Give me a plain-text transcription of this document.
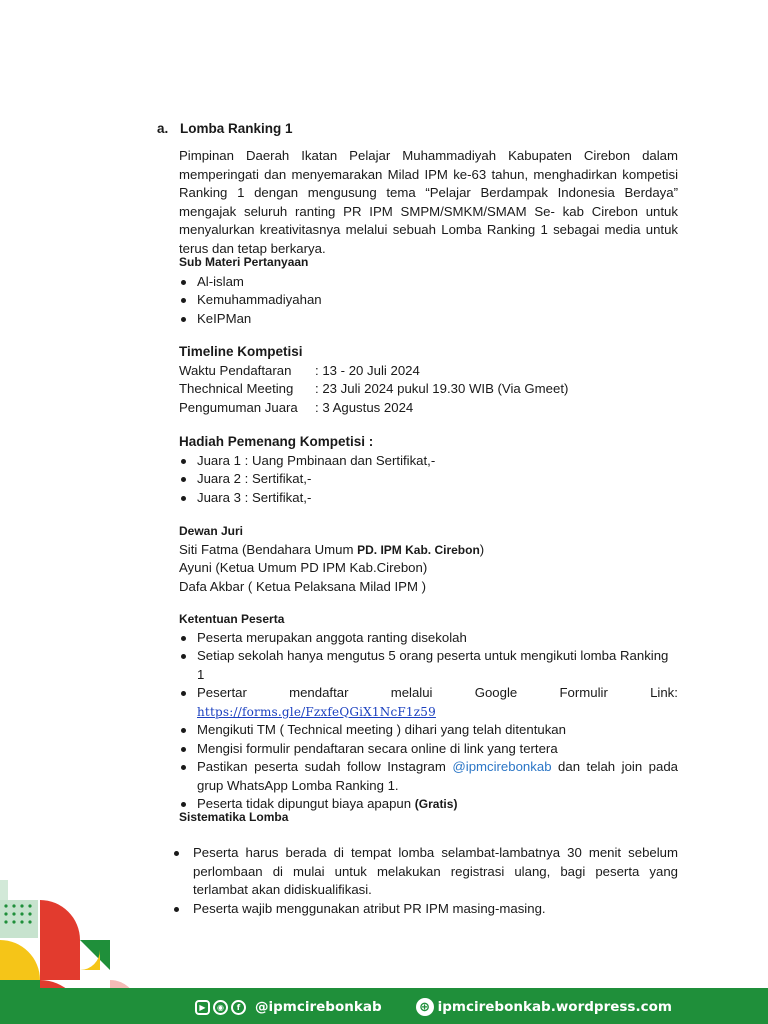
a. Lomba Ranking 1
Pimpinan Daerah Ikatan Pelajar Muhammadiyah Kabupaten Cirebon dalam memperingati dan menyemarakan Milad IPM ke-63 tahun, menghadirkan kompetisi Ranking 1 dengan mengusung tema “Pelajar Berdampak Indonesia Berdaya” mengajak seluruh ranting PR IPM SMPM/SMKM/SMAM Se- kab Cirebon untuk menyalurkan kreativitasnya melalui sebuah Lomba Ranking 1 sebagai media untuk terus dan tetap berkarya.
Sub Materi Pertanyaan
Al-islam
Kemuhammadiyahan
KeIPMan
Timeline Kompetisi
Waktu Pendaftaran	: 13 - 20 Juli 2024
Thechnical Meeting	: 23 Juli 2024 pukul 19.30 WIB (Via Gmeet)
Pengumuman Juara	: 3 Agustus 2024
Hadiah Pemenang Kompetisi :
Juara 1 : Uang Pmbinaan dan Sertifikat,-
Juara 2 : Sertifikat,-
Juara 3 : Sertifikat,-
Dewan Juri
Siti Fatma (Bendahara Umum PD. IPM Kab. Cirebon)
Ayuni (Ketua Umum PD IPM Kab.Cirebon)
Dafa Akbar ( Ketua Pelaksana Milad IPM )
Ketentuan Peserta
Peserta merupakan anggota ranting disekolah
Setiap sekolah hanya mengutus 5 orang peserta untuk mengikuti lomba Ranking 1
Pesertar	mendaftar	melalui	Google	Formulir	Link:
https://forms.gle/FzxfeQGiX1NcF1z59
Mengikuti TM ( Technical meeting ) dihari yang telah ditentukan
Mengisi formulir pendaftaran secara online di link yang tertera
Pastikan peserta sudah follow Instagram @ipmcirebonkab dan telah join pada grup WhatsApp Lomba Ranking 1.
Peserta tidak dipungut biaya apapun (Gratis)
Sistematika Lomba
Peserta harus berada di tempat lomba selambat-lambatnya 30 menit sebelum perlombaan di mulai untuk melakukan registrasi ulang, bagi peserta yang terlambat akan didiskualifikasi.
Peserta wajib menggunakan atribut PR IPM masing-masing.
▶	◉	f	@ipmcirebonkab	⊕ ipmcirebonkab.wordpress.com
